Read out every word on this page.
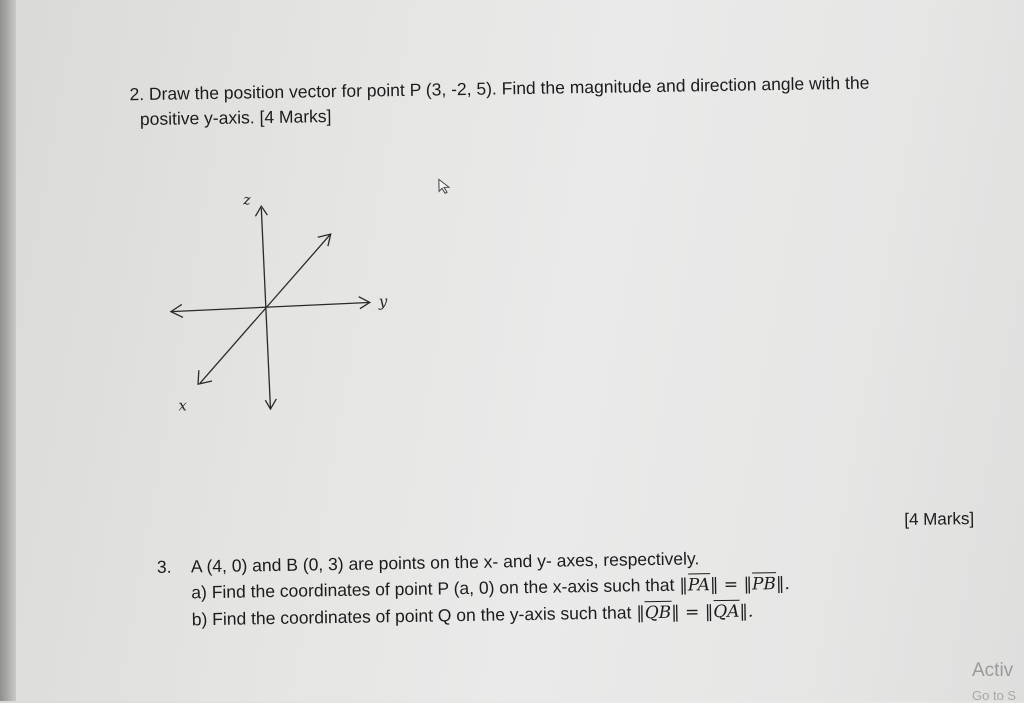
2. Draw the position vector for point P (3, -2, 5). Find the magnitude and direction angle with the
positive y-axis. [4 Marks]

z
y
x
[4 Marks]
3. A (4, 0) and B (0, 3) are points on the x- and y- axes, respectively.
a) Find the coordinates of point P (a, 0) on the x-axis such that ‖PA‖ = ‖PB‖.
b) Find the coordinates of point Q on the y-axis such that ‖QB‖ = ‖QA‖.
Activ
Go to S
